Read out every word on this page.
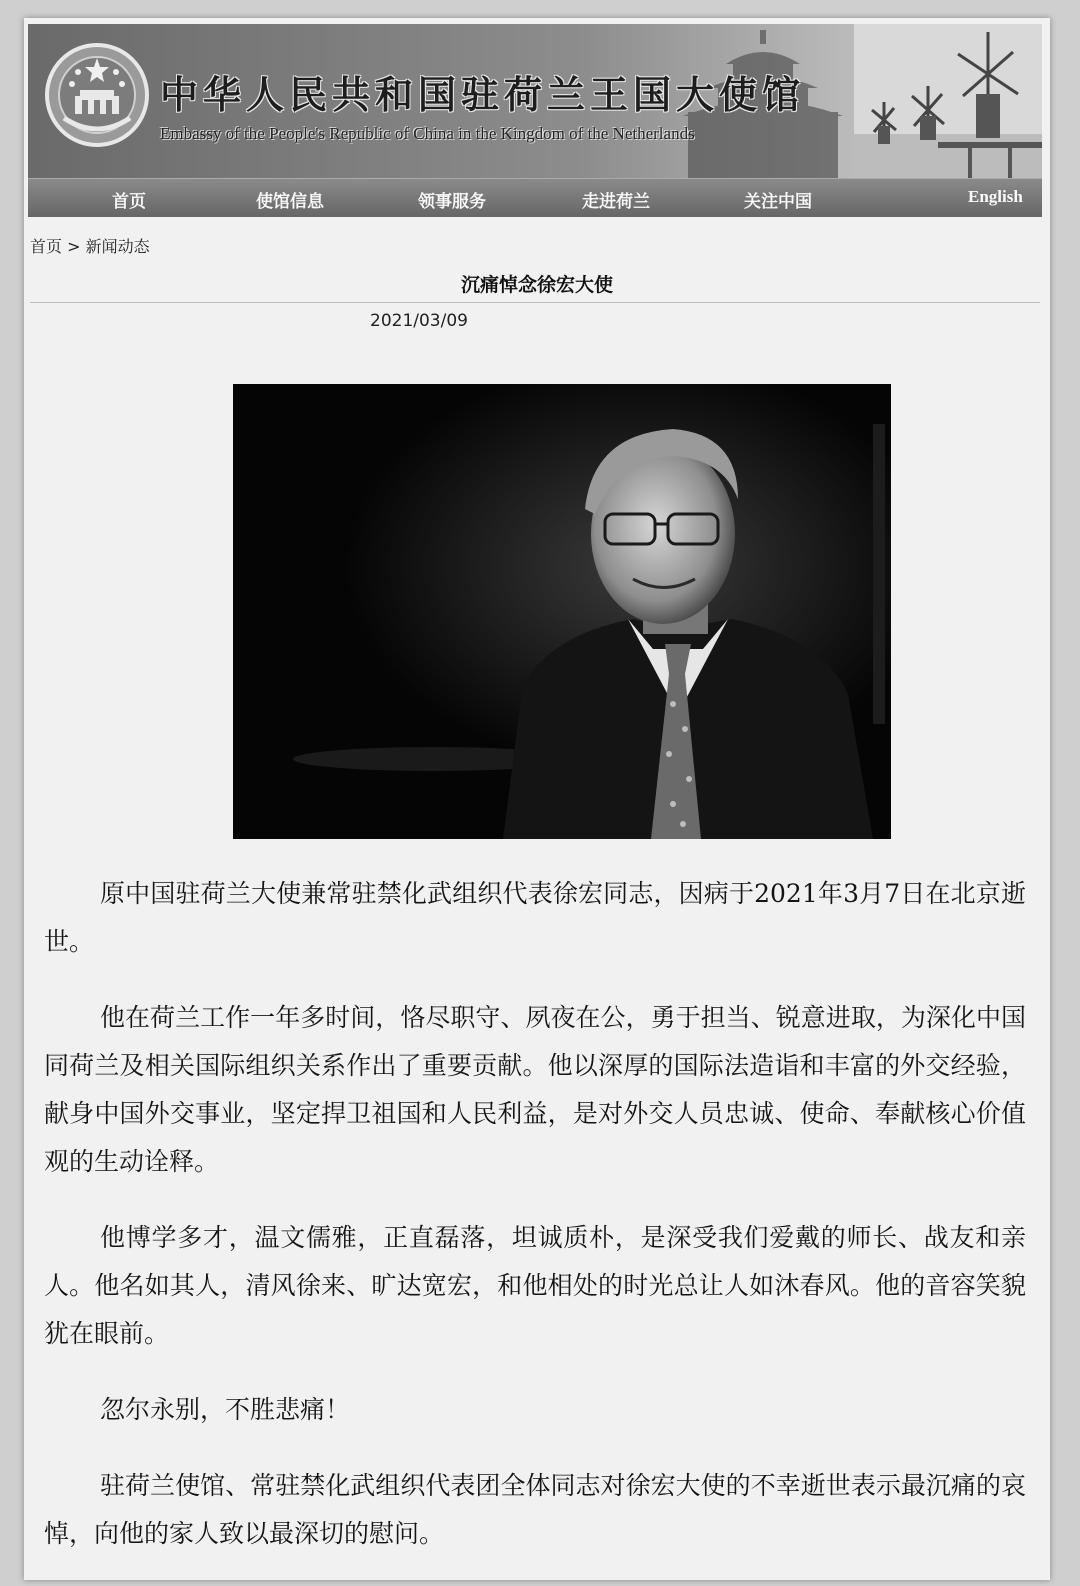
中华人民共和国驻荷兰王国大使馆
Embassy of the People's Republic of China in the Kingdom of the Netherlands
首页	使馆信息	领事服务	走进荷兰	关注中国	English
首页 > 新闻动态
沉痛悼念徐宏大使
2021/03/09

原中国驻荷兰大使兼常驻禁化武组织代表徐宏同志，因病于2021年3月7日在北京逝世。

他在荷兰工作一年多时间，恪尽职守、夙夜在公，勇于担当、锐意进取，为深化中国同荷兰及相关国际组织关系作出了重要贡献。他以深厚的国际法造诣和丰富的外交经验，献身中国外交事业，坚定捍卫祖国和人民利益，是对外交人员忠诚、使命、奉献核心价值观的生动诠释。

他博学多才，温文儒雅，正直磊落，坦诚质朴，是深受我们爱戴的师长、战友和亲人。他名如其人，清风徐来、旷达宽宏，和他相处的时光总让人如沐春风。他的音容笑貌犹在眼前。

忽尔永别，不胜悲痛！

驻荷兰使馆、常驻禁化武组织代表团全体同志对徐宏大使的不幸逝世表示最沉痛的哀悼，向他的家人致以最深切的慰问。
